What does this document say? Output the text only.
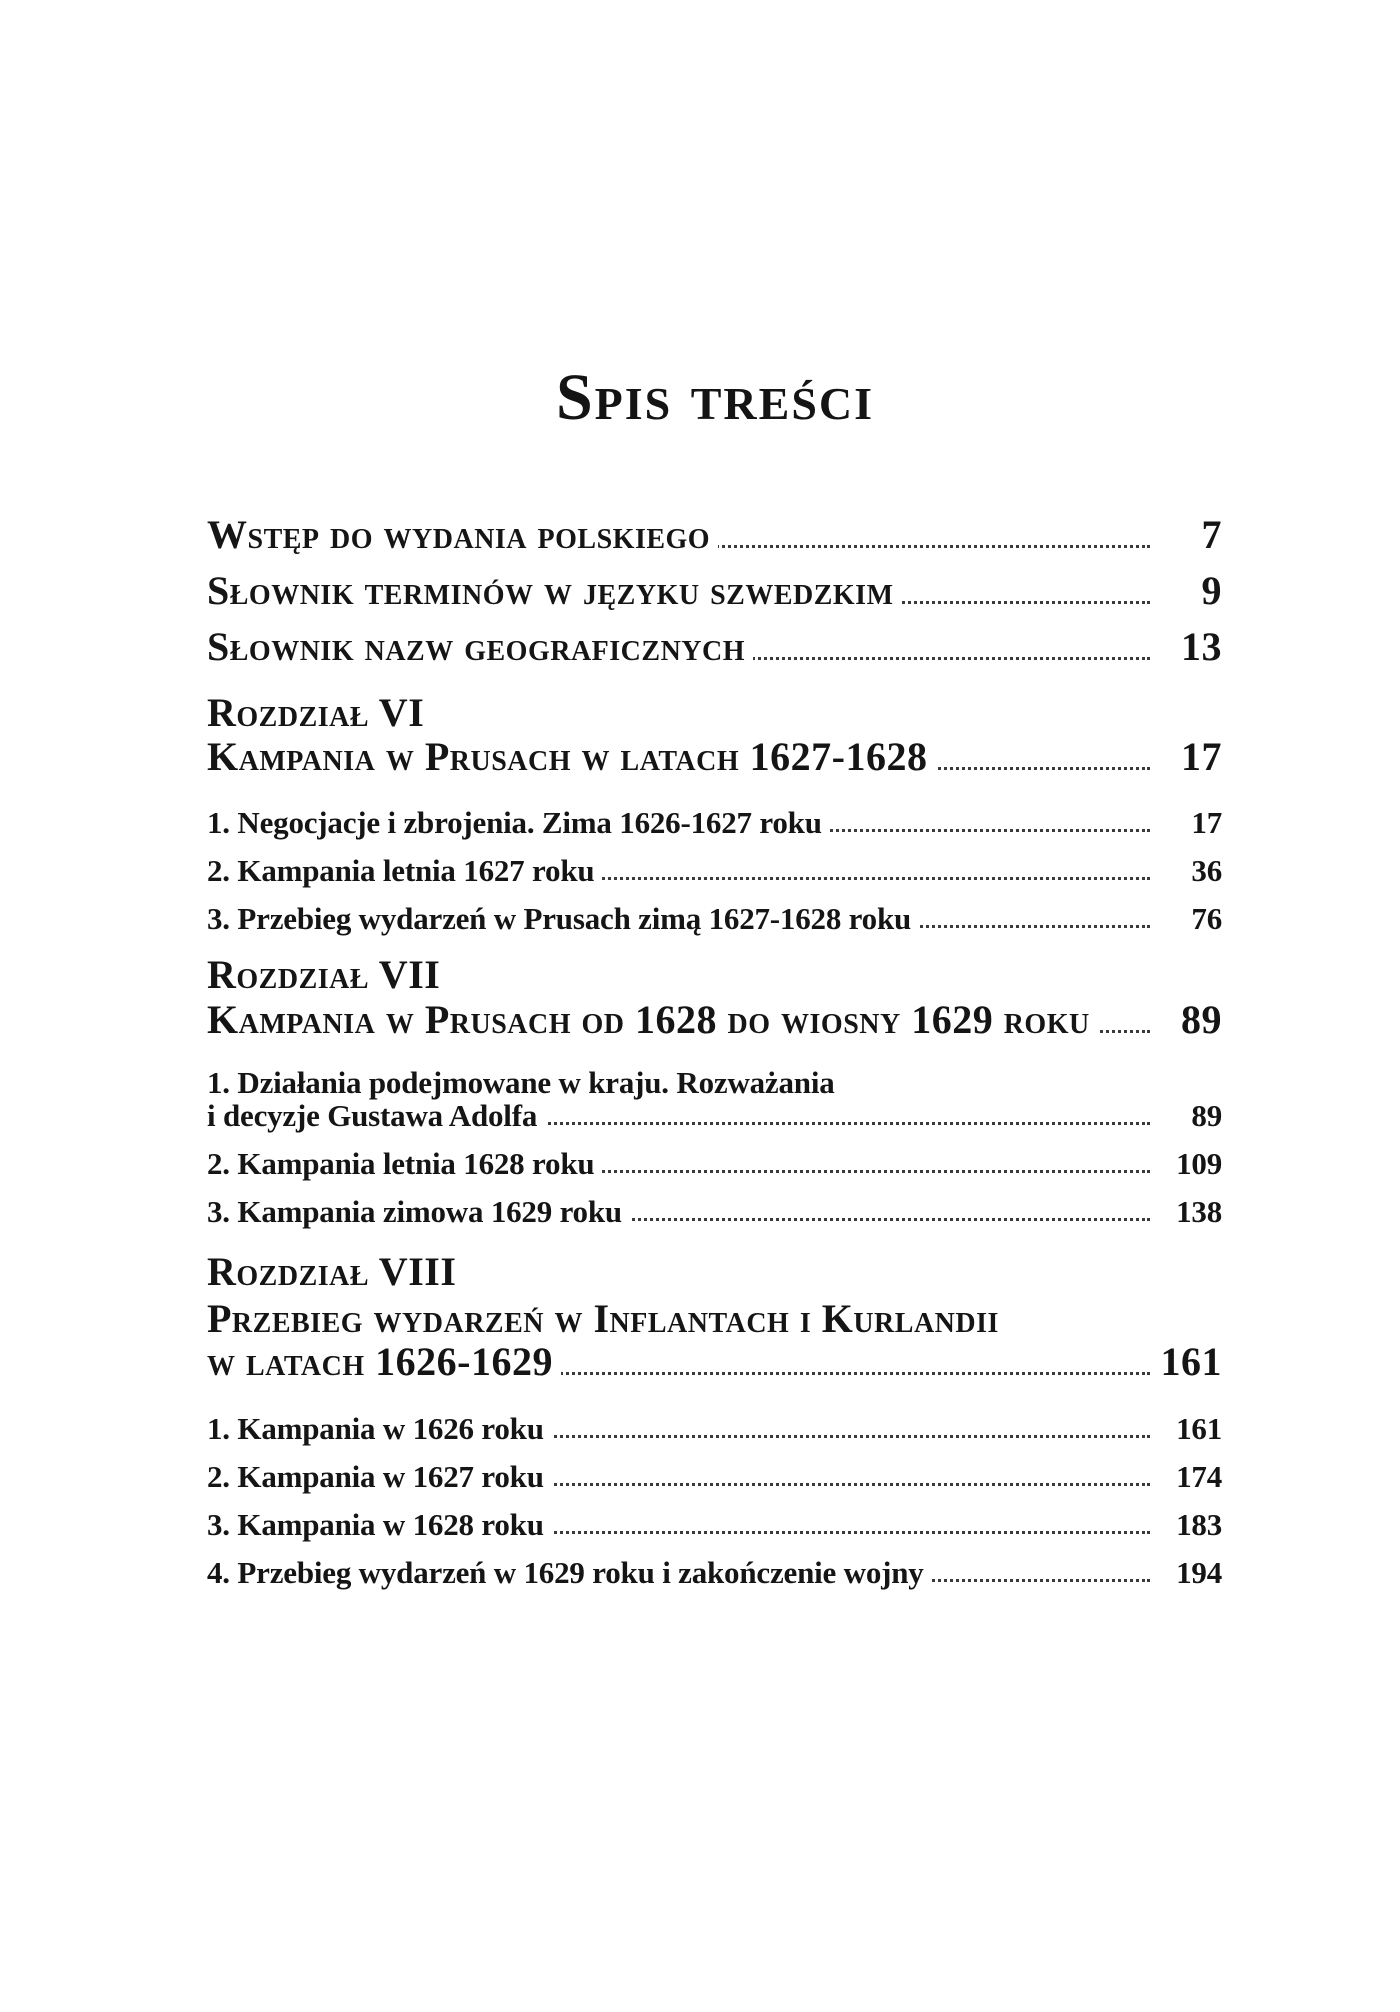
Spis treści
Wstęp do wydania polskiego	7
Słownik terminów w języku szwedzkim	9
Słownik nazw geograficznych	13
Rozdział VI
Kampania w Prusach w latach 1627-1628	17
1. Negocjacje i zbrojenia. Zima 1626-1627 roku	17
2. Kampania letnia 1627 roku	36
3. Przebieg wydarzeń w Prusach zimą 1627-1628 roku	76
Rozdział VII
Kampania w Prusach od 1628 do wiosny 1629 roku	89
1. Działania podejmowane w kraju. Rozważania
i decyzje Gustawa Adolfa	89
2. Kampania letnia 1628 roku	109
3. Kampania zimowa 1629 roku	138
Rozdział VIII
Przebieg wydarzeń w Inflantach i Kurlandii
w latach 1626-1629	161
1. Kampania w 1626 roku	161
2. Kampania w 1627 roku	174
3. Kampania w 1628 roku	183
4. Przebieg wydarzeń w 1629 roku i zakończenie wojny	194
